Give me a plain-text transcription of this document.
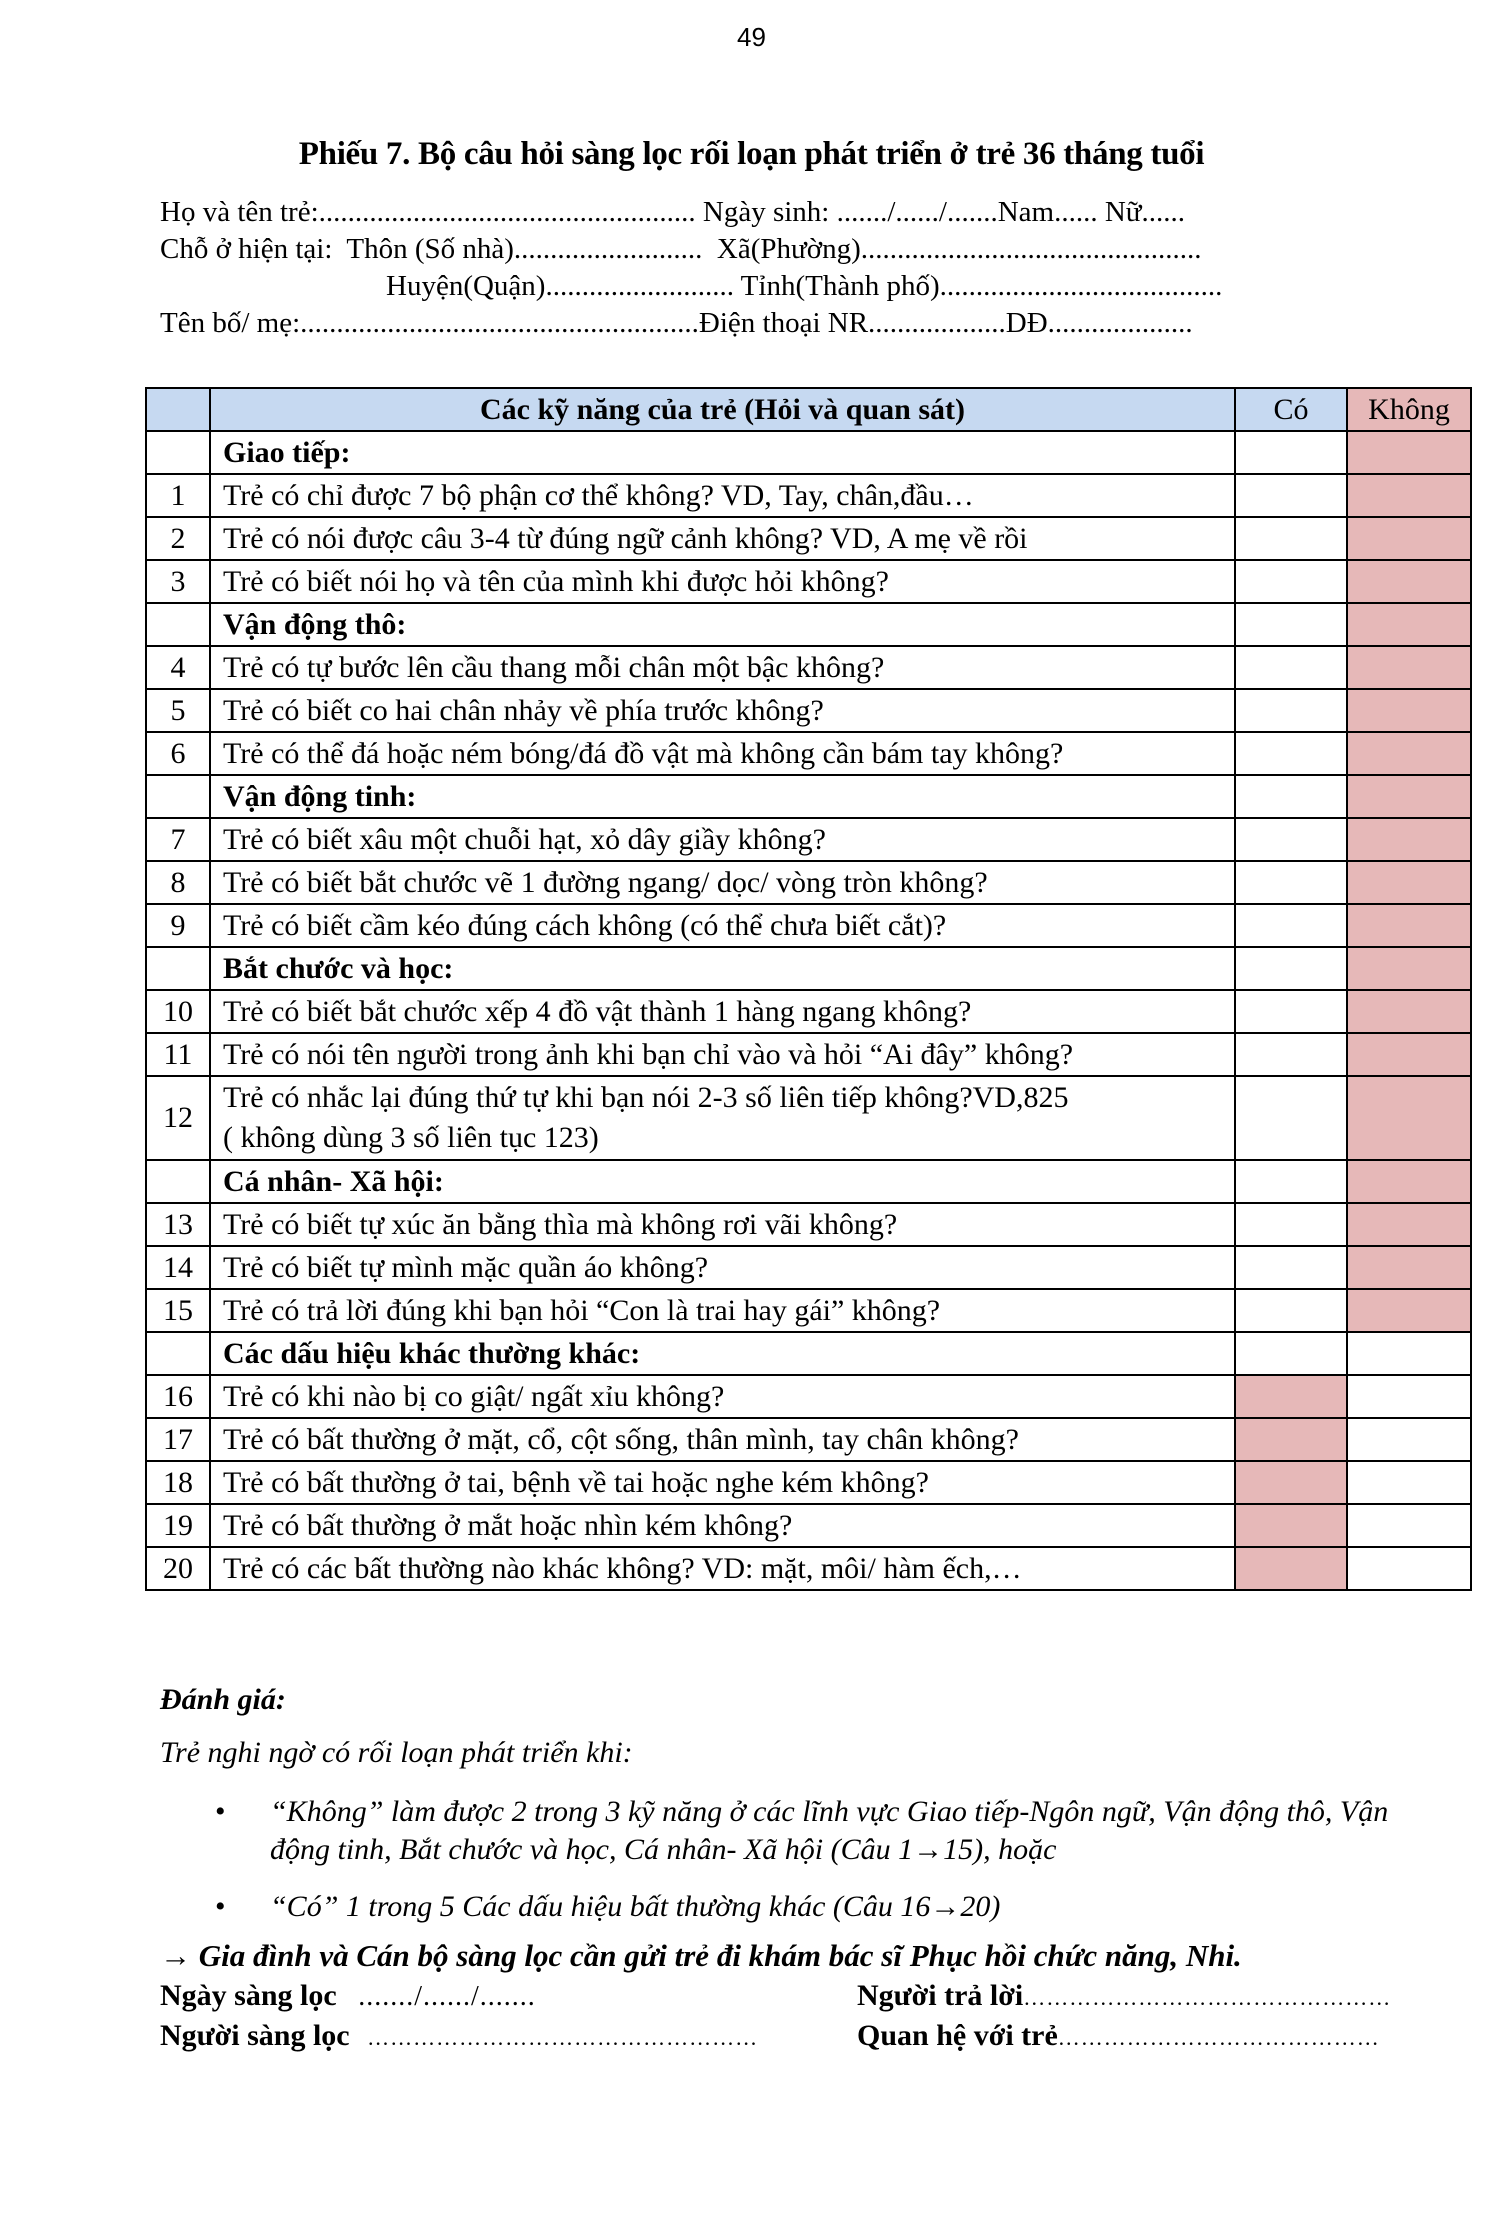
49
Phiếu 7. Bộ câu hỏi sàng lọc rối loạn phát triển ở trẻ 36 tháng tuổi
Họ và tên trẻ:.................................................... Ngày sinh: ......./....../.......Nam...... Nữ......
Chỗ ở hiện tại:  Thôn (Số nhà)..........................  Xã(Phường)...............................................
Huyện(Quận).......................... Tỉnh(Thành phố).......................................
Tên bố/ mẹ:.......................................................Điện thoại NR...................DĐ....................
	Các kỹ năng của trẻ (Hỏi và quan sát)	Có	Không
	Giao tiếp:		
1	Trẻ có chỉ được 7 bộ phận cơ thể không? VD, Tay, chân,đầu…		
2	Trẻ có nói được câu 3-4 từ đúng ngữ cảnh không? VD, A mẹ về rồi		
3	Trẻ có biết nói họ và tên của mình khi được hỏi không?		
	Vận động thô:		
4	Trẻ có tự bước lên cầu thang mỗi chân một bậc không?		
5	Trẻ có biết co hai chân nhảy về phía trước không?		
6	Trẻ có thể đá hoặc ném bóng/đá đồ vật mà không cần bám tay không?		
	Vận động tinh:		
7	Trẻ có biết xâu một chuỗi hạt, xỏ dây giầy không?		
8	Trẻ có biết bắt chước vẽ 1 đường ngang/ dọc/ vòng tròn không?		
9	Trẻ có biết cầm kéo đúng cách không (có thể chưa biết cắt)?		
	Bắt chước và học:		
10	Trẻ có biết bắt chước xếp 4 đồ vật thành 1 hàng ngang không?		
11	Trẻ có nói tên người trong ảnh khi bạn chỉ vào và hỏi “Ai đây” không?		
12	Trẻ có nhắc lại đúng thứ tự khi bạn nói 2-3 số liên tiếp không?VD,825
( không dùng 3 số liên tục 123)		

	Cá nhân- Xã hội:		
13	Trẻ có biết tự xúc ăn bằng thìa mà không rơi vãi không?		
14	Trẻ có biết tự mình mặc quần áo không?		
15	Trẻ có trả lời đúng khi bạn hỏi “Con là trai hay gái” không?		
	Các dấu hiệu khác thường khác:		
16	Trẻ có khi nào bị co giật/ ngất xỉu không?		
17	Trẻ có bất thường ở mặt, cổ, cột sống, thân mình, tay chân không?		
18	Trẻ có bất thường ở tai, bệnh về tai hoặc nghe kém không?		
19	Trẻ có bất thường ở mắt hoặc nhìn kém không?		
20	Trẻ có các bất thường nào khác không? VD: mặt, môi/ hàm ếch,…		
Đánh giá:
Trẻ nghi ngờ có rối loạn phát triển khi:
• “Không” làm được 2 trong 3 kỹ năng ở các lĩnh vực Giao tiếp-Ngôn ngữ, Vận động thô, Vận động tinh, Bắt chước và học, Cá nhân- Xã hội (Câu 1→15), hoặc
• “Có” 1 trong 5 Các dấu hiệu bất thường khác (Câu 16→20)
→ Gia đình và Cán bộ sàng lọc cần gửi trẻ đi khám bác sĩ Phục hồi chức năng, Nhi.
Ngày sàng lọc ......./....../.......	Người trả lời…………………………………………
Người sàng lọc ……………………………………………	Quan hệ với trẻ……………………………………
